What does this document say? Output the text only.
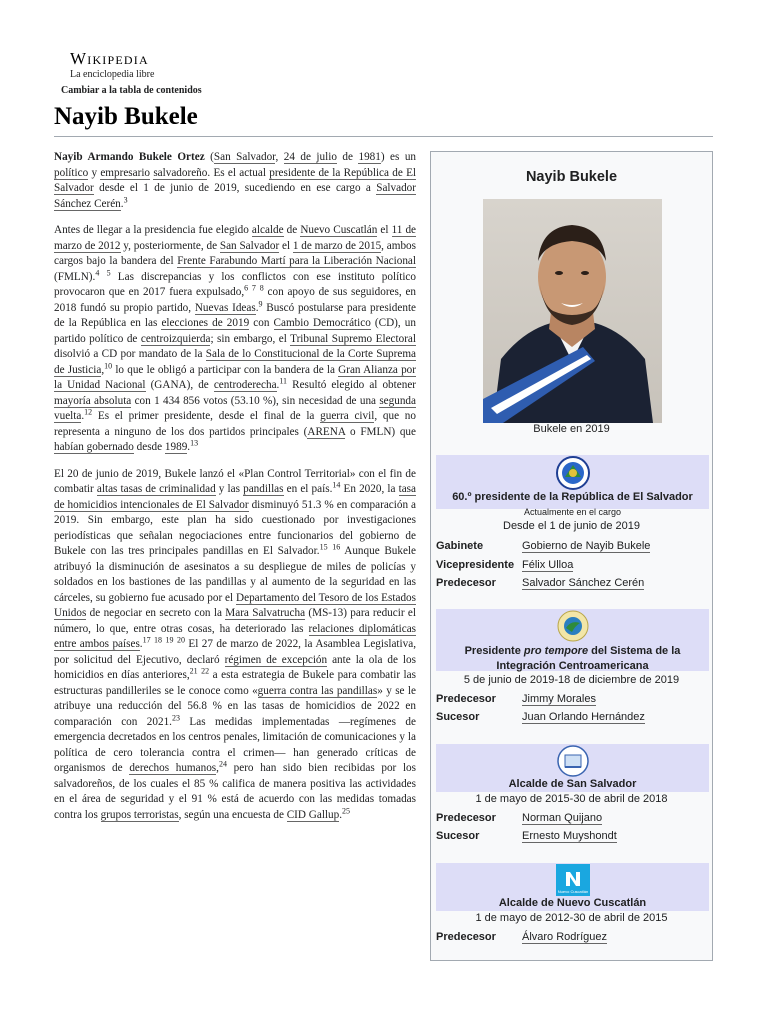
Wikipedia
La enciclopedia libre
Cambiar a la tabla de contenidos
Nayib Bukele

Nayib Armando Bukele Ortez (San Salvador, 24 de julio de 1981) es un político y empresario salvadoreño. Es el actual presidente de la República de El Salvador desde el 1 de junio de 2019, sucediendo en ese cargo a Salvador Sánchez Cerén.$^3$

Antes de llegar a la presidencia fue elegido alcalde de Nuevo Cuscatlán el 11 de marzo de 2012 y, posteriormente, de San Salvador el 1 de marzo de 2015, ambos cargos bajo la bandera del Frente Farabundo Martí para la Liberación Nacional (FMLN).$^4$ $^5$ Las discrepancias y los conflictos con ese instituto político provocaron que en 2017 fuera expulsado,$^6$ $^7$ $^8$ con apoyo de sus seguidores, en 2018 fundó su propio partido, Nuevas Ideas.$^9$ Buscó postularse para presidente de la República en las elecciones de 2019 con Cambio Democrático (CD), un partido político de centroizquierda; sin embargo, el Tribunal Supremo Electoral disolvió a CD por mandato de la Sala de lo Constitucional de la Corte Suprema de Justicia,$^{10}$ lo que le obligó a participar con la bandera de la Gran Alianza por la Unidad Nacional (GANA), de centroderecha.$^{11}$ Resultó elegido al obtener mayoría absoluta con 1 434 856 votos (53.10 %), sin necesidad de una segunda vuelta.$^{12}$ Es el primer presidente, desde el final de la guerra civil, que no representa a ninguno de los dos partidos principales (ARENA o FMLN) que habían gobernado desde 1989.13

El 20 de junio de 2019, Bukele lanzó el «Plan Control Territorial» con el fin de combatir altas tasas de criminalidad y las pandillas en el país.$^{14}$ En 2020, la tasa de homicidios intencionales de El Salvador disminuyó 51.3 % en comparación a 2019. Sin embargo, este plan ha sido cuestionado por investigaciones periodísticas que señalan negociaciones entre funcionarios del gobierno de Bukele con las tres principales pandillas en El Salvador.$^{15}$ $^{16}$ Aunque Bukele atribuyó la disminución de asesinatos a su despliegue de miles de policías y soldados en los bastiones de las pandillas y al aumento de la seguridad en las cárceles, su gobierno fue acusado por el Departamento del Tesoro de los Estados Unidos de negociar en secreto con la Mara Salvatrucha (MS-13) para reducir el número, lo que, entre otras cosas, ha deteriorado las relaciones diplomáticas entre ambos países.$^{17}$ $^{18}$ $^{19}$ $^{20}$ El 27 de marzo de 2022, la Asamblea Legislativa, por solicitud del Ejecutivo, declaró régimen de excepción ante la ola de los homicidios en días anteriores,$^{21}$ $^{22}$ a esta estrategia de Bukele para combatir las estructuras pandilleriles se le conoce como «guerra contra las pandillas» y se le atribuye una reducción del 56.8 % en las tasas de homicidios de 2022 en comparación con 2021.23 Las medidas implementadas —regímenes de emergencia decretados en los centros penales, limitación de comunicaciones y la política de cero tolerancia contra el crimen— han generado críticas de organismos de derechos humanos,$^{24}$ pero han sido bien recibidas por los salvadoreños, de los cuales el 85 % califica de manera positiva las actividades en el área de seguridad y el 91 % está de acuerdo con las medidas tomadas contra los grupos terroristas, según una encuesta de CID Gallup.$^{25}$

Nayib Bukele
Bukele en 2019
60.º presidente de la República de El Salvador
Actualmente en el cargo
Desde el 1 de junio de 2019
Gabinete	Gobierno de Nayib Bukele
Vicepresidente Félix Ulloa
Predecesor Salvador Sánchez Cerén
Presidente pro tempore del Sistema de la Integración Centroamericana
5 de junio de 2019-18 de diciembre de 2019
Predecesor Jimmy Morales
Sucesor	Juan Orlando Hernández
Alcalde de San Salvador
1 de mayo de 2015-30 de abril de 2018
Predecesor Norman Quijano
Sucesor	Ernesto Muyshondt
Nuevo Cuscatlán
Alcalde de Nuevo Cuscatlán
1 de mayo de 2012-30 de abril de 2015
Predecesor Álvaro Rodríguez
